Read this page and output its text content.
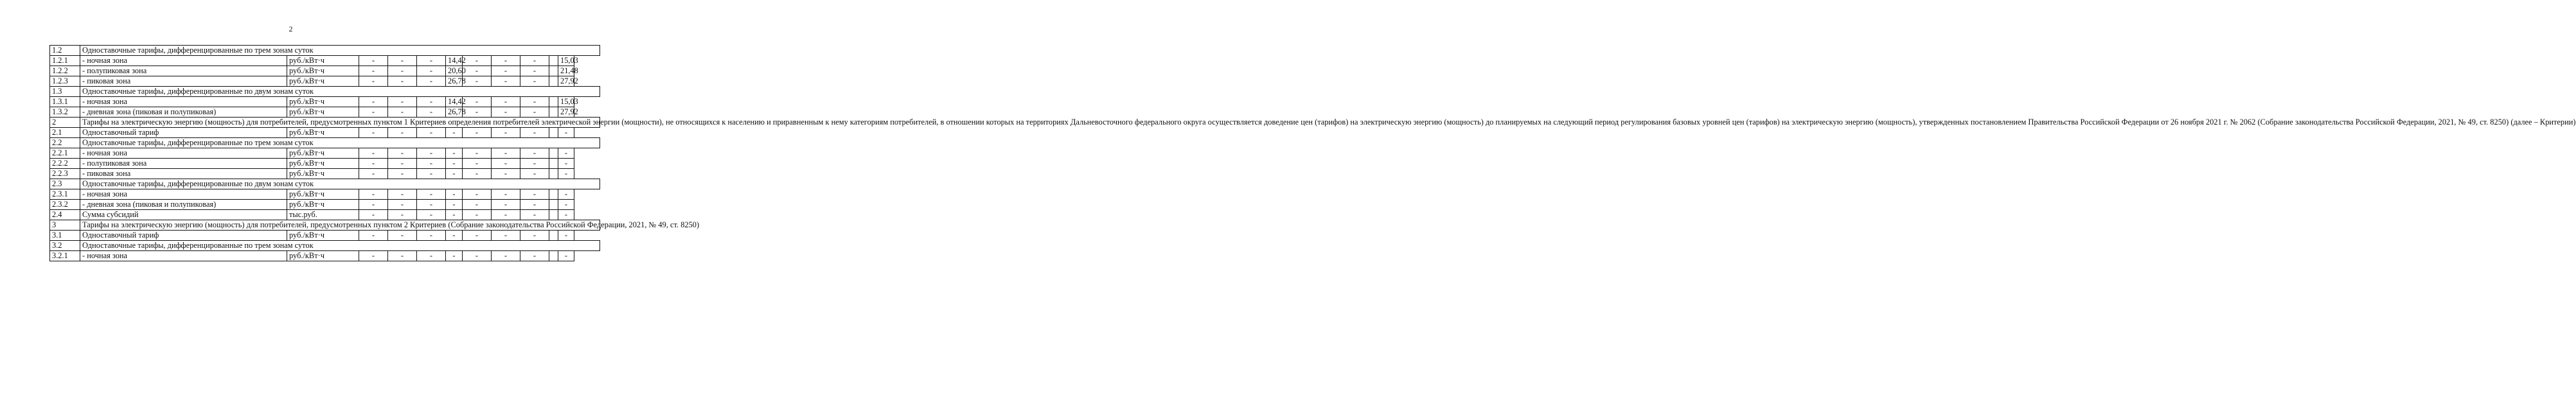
2
1.2	Одноставочные тарифы, дифференцированные по трем зонам суток										
1.2.1	- ночная зона	руб./кВт·ч	-	-	-	14,42	-	-	-		15,03
1.2.2	- полупиковая зона	руб./кВт·ч	-	-	-	20,60	-	-	-		21,48
1.2.3	- пиковая зона	руб./кВт·ч	-	-	-	26,78	-	-	-		27,92
1.3	Одноставочные тарифы, дифференцированные по двум зонам суток										
1.3.1	- ночная зона	руб./кВт·ч	-	-	-	14,42	-	-	-		15,03
1.3.2	- дневная зона (пиковая и полупиковая)	руб./кВт·ч	-	-	-	26,78	-	-	-		27,92
2	Тарифы на электрическую энергию (мощность) для потребителей, предусмотренных пунктом 1 Критериев определения потребителей электрической энергии (мощности), не относящихся к населению и приравненным к нему категориям потребителей, в отношении которых на территориях Дальневосточного федерального округа осуществляется доведение цен (тарифов) на электрическую энергию (мощность) до планируемых на следующий период регулирования базовых уровней цен (тарифов) на электрическую энергию (мощность), утвержденных постановлением Правительства Российской Федерации от 26 ноября 2021 г. № 2062 (Собрание законодательства Российской Федерации, 2021, № 49, ст. 8250) (далее – Критерии)										
2.1	Одноставочный тариф	руб./кВт·ч	-	-	-	-	-	-	-		-
2.2	Одноставочные тарифы, дифференцированные по трем зонам суток										
2.2.1	- ночная зона	руб./кВт·ч	-	-	-	-	-	-	-		-
2.2.2	- полупиковая зона	руб./кВт·ч	-	-	-	-	-	-	-		-
2.2.3	- пиковая зона	руб./кВт·ч	-	-	-	-	-	-	-		-
2.3	Одноставочные тарифы, дифференцированные по двум зонам суток										
2.3.1	- ночная зона	руб./кВт·ч	-	-	-	-	-	-	-		-
2.3.2	- дневная зона (пиковая и полупиковая)	руб./кВт·ч	-	-	-	-	-	-	-		-
2.4	Сумма субсидий	тыс.руб.	-	-	-	-	-	-	-		-
3	Тарифы на электрическую энергию (мощность) для потребителей, предусмотренных пунктом 2 Критериев (Собрание законодательства Российской Федерации, 2021, № 49, ст. 8250)										
3.1	Одноставочный тариф	руб./кВт·ч	-	-	-	-	-	-	-		-
3.2	Одноставочные тарифы, дифференцированные по трем зонам суток										
3.2.1	- ночная зона	руб./кВт·ч	-	-	-	-	-	-	-		-
